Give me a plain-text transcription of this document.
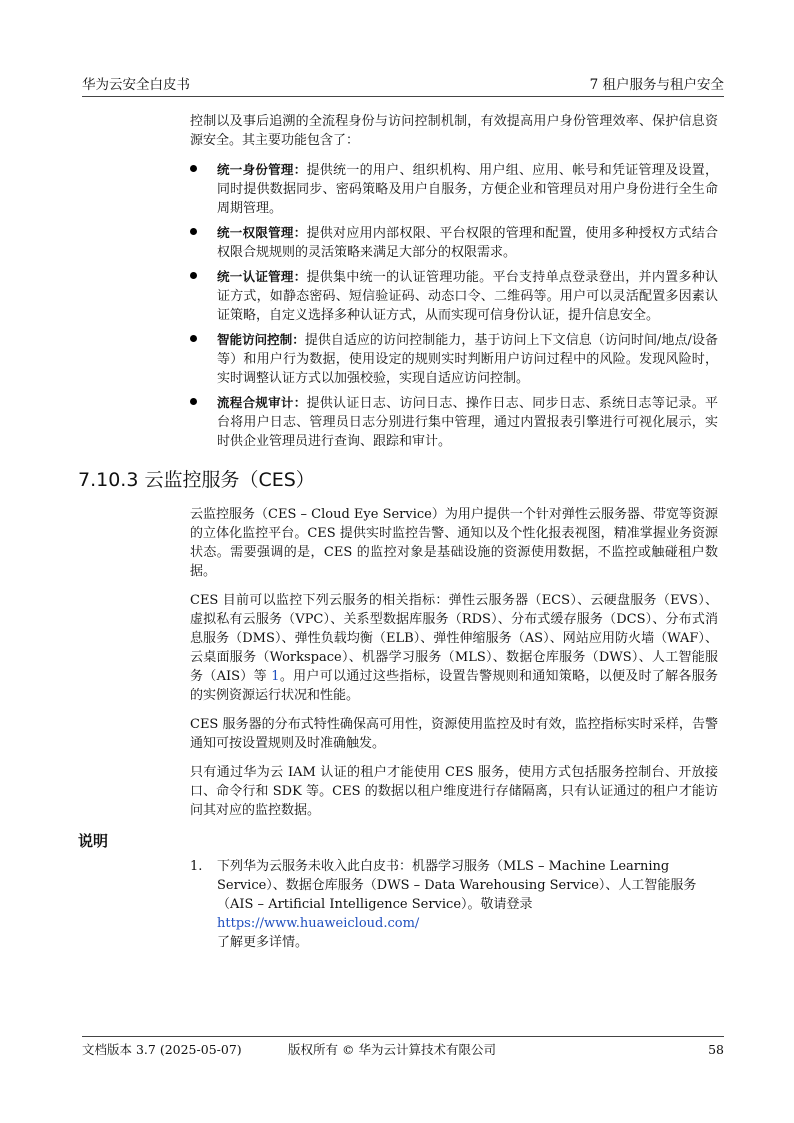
华为云安全白皮书	7 租户服务与租户安全

控制以及事后追溯的全流程身份与访问控制机制，有效提高用户身份管理效率、保护信息资源安全。其主要功能包含了：

统一身份管理：提供统一的用户、组织机构、用户组、应用、帐号和凭证管理及设置，同时提供数据同步、密码策略及用户自服务，方便企业和管理员对用户身份进行全生命周期管理。
统一权限管理：提供对应用内部权限、平台权限的管理和配置，使用多种授权方式结合权限合规规则的灵活策略来满足大部分的权限需求。
统一认证管理：提供集中统一的认证管理功能。平台支持单点登录登出，并内置多种认证方式，如静态密码、短信验证码、动态口令、二维码等。用户可以灵活配置多因素认证策略，自定义选择多种认证方式，从而实现可信身份认证，提升信息安全。
智能访问控制：提供自适应的访问控制能力，基于访问上下文信息（访问时间/地点/设备等）和用户行为数据，使用设定的规则实时判断用户访问过程中的风险。发现风险时，实时调整认证方式以加强校验，实现自适应访问控制。
流程合规审计：提供认证日志、访问日志、操作日志、同步日志、系统日志等记录。平台将用户日志、管理员日志分别进行集中管理，通过内置报表引擎进行可视化展示，实时供企业管理员进行查询、跟踪和审计。
7.10.3 云监控服务（CES）

云监控服务（CES – Cloud Eye Service）为用户提供一个针对弹性云服务器、带宽等资源的立体化监控平台。CES 提供实时监控告警、通知以及个性化报表视图，精准掌握业务资源状态。需要强调的是，CES 的监控对象是基础设施的资源使用数据，不监控或触碰租户数据。

CES 目前可以监控下列云服务的相关指标：弹性云服务器（ECS）、云硬盘服务（EVS）、虚拟私有云服务（VPC）、关系型数据库服务（RDS）、分布式缓存服务（DCS）、分布式消息服务（DMS）、弹性负载均衡（ELB）、弹性伸缩服务（AS）、网站应用防火墙（WAF）、云桌面服务（Workspace）、机器学习服务（MLS）、数据仓库服务（DWS）、人工智能服务（AIS）等 1。用户可以通过这些指标，设置告警规则和通知策略，以便及时了解各服务的实例资源运行状况和性能。

CES 服务器的分布式特性确保高可用性，资源使用监控及时有效，监控指标实时采样，告警通知可按设置规则及时准确触发。

只有通过华为云 IAM 认证的租户才能使用 CES 服务，使用方式包括服务控制台、开放接口、命令行和 SDK 等。CES 的数据以租户维度进行存储隔离，只有认证通过的租户才能访问其对应的监控数据。

说明
1. 下列华为云服务未收入此白皮书：机器学习服务（MLS – Machine Learning Service）、数据仓库服务（DWS – Data Warehousing Service）、人工智能服务（AIS – Artificial Intelligence Service）。敬请登录 https://www.huaweicloud.com/
了解更多详情。
文档版本 3.7 (2025-05-07)	版权所有 © 华为云计算技术有限公司	58
